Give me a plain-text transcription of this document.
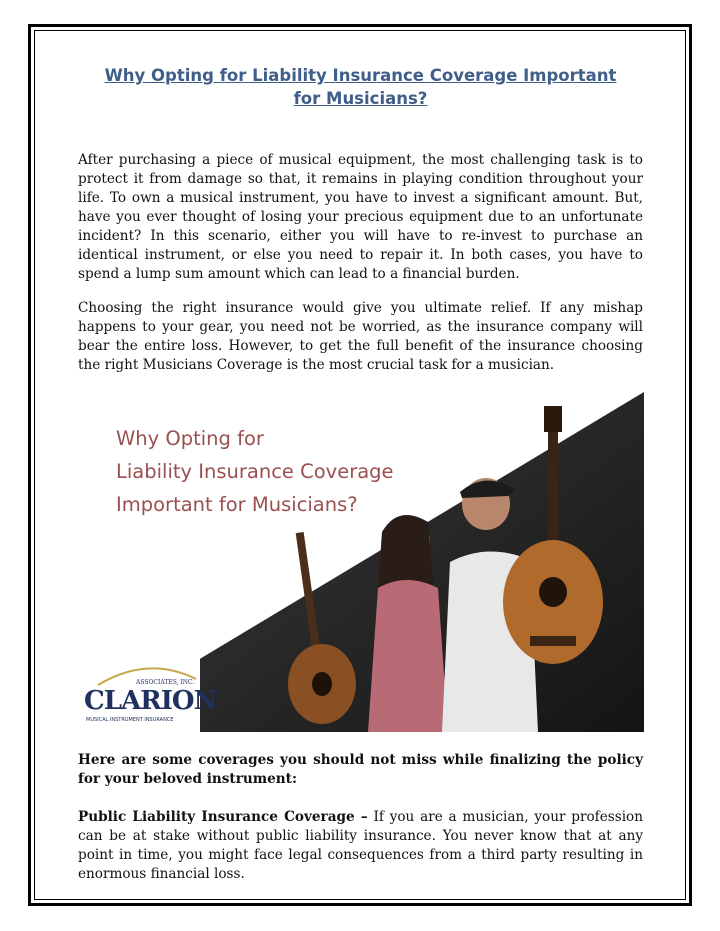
Why Opting for Liability Insurance Coverage Important
for Musicians?

After purchasing a piece of musical equipment, the most challenging task is to protect it from damage so that, it remains in playing condition throughout your life. To own a musical instrument, you have to invest a significant amount. But, have you ever thought of losing your precious equipment due to an unfortunate incident? In this scenario, either you will have to re-invest to purchase an identical instrument, or else you need to repair it. In both cases, you have to spend a lump sum amount which can lead to a financial burden.

Choosing the right insurance would give you ultimate relief. If any mishap happens to your gear, you need not be worried, as the insurance company will bear the entire loss. However, to get the full benefit of the insurance choosing the right Musicians Coverage is the most crucial task for a musician.

Why Opting for
Liability Insurance Coverage
Important for Musicians?
ASSOCIATES, INC.
CLARION
MUSICAL INSTRUMENT INSURANCE

Here are some coverages you should not miss while finalizing the policy for your beloved instrument:

Public Liability Insurance Coverage – If you are a musician, your profession can be at stake without public liability insurance. You never know that at any point in time, you might face legal consequences from a third party resulting in enormous financial loss.
